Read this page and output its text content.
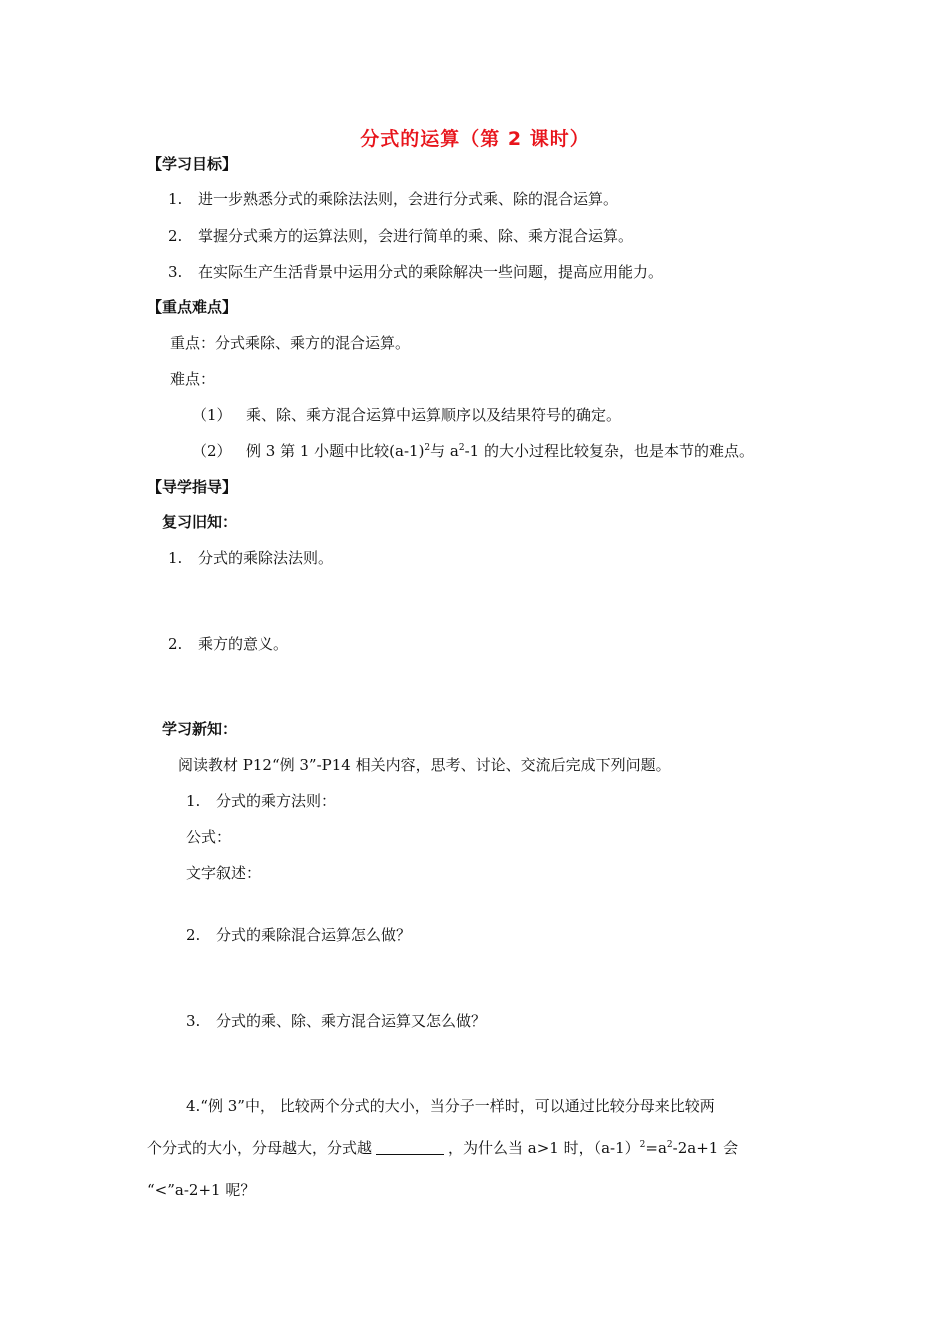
分式的运算（第 2 课时）
【学习目标】
1. 进一步熟悉分式的乘除法法则，会进行分式乘、除的混合运算。
2. 掌握分式乘方的运算法则，会进行简单的乘、除、乘方混合运算。
3. 在实际生产生活背景中运用分式的乘除解决一些问题，提高应用能力。
【重点难点】
重点：分式乘除、乘方的混合运算。
难点：
（1） 乘、除、乘方混合运算中运算顺序以及结果符号的确定。
（2） 例 3 第 1 小题中比较$(a-1)^2$与 $a^2-1$ 的大小过程比较复杂，也是本节的难点。
【导学指导】
复习旧知：
1. 分式的乘除法法则。
2. 乘方的意义。
学习新知：
阅读教材 P12“例 3”-P14 相关内容，思考、讨论、交流后完成下列问题。
1. 分式的乘方法则：
公式：
文字叙述：
2. 分式的乘除混合运算怎么做？
3. 分式的乘、除、乘方混合运算又怎么做？
4.“例 3”中， 比较两个分式的大小，当分子一样时，可以通过比较分母来比较两
个分式的大小，分母越大，分式越	，为什么当 a>1 时，$(a-1)^2=a^2-2a+1$ 会
“<”a-2+1 呢？
